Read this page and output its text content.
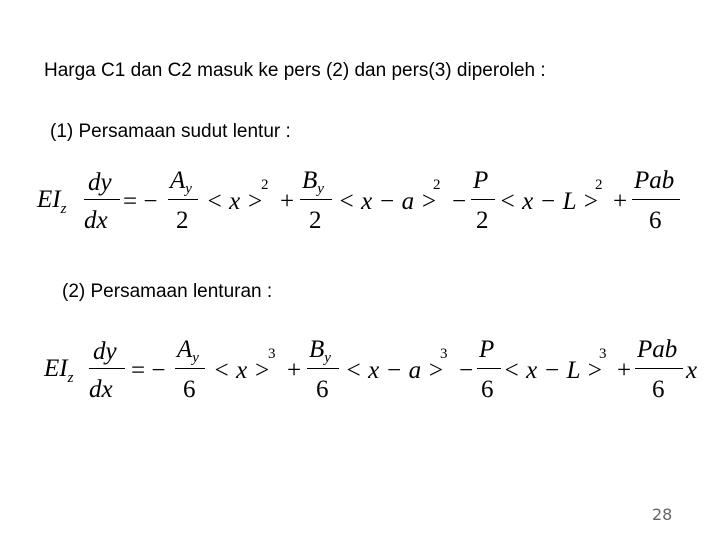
Harga C1 dan C2 masuk ke pers (2) dan pers(3) diperoleh :
(1) Persamaan sudut lentur :
$EI_z$
dy
dx
= −
$A_y$
2
< x >
2
+
$B_y$
2
< x − a >
2
−
P
2
< x − L >
2
+
Pab
6
(2) Persamaan lenturan :
$EI_z$
dy
dx
= −
$A_y$
6
< x >
3
+
$B_y$
6
< x − a >
3
−
P
6
< x − L >
3
+
Pab
6
x
28
